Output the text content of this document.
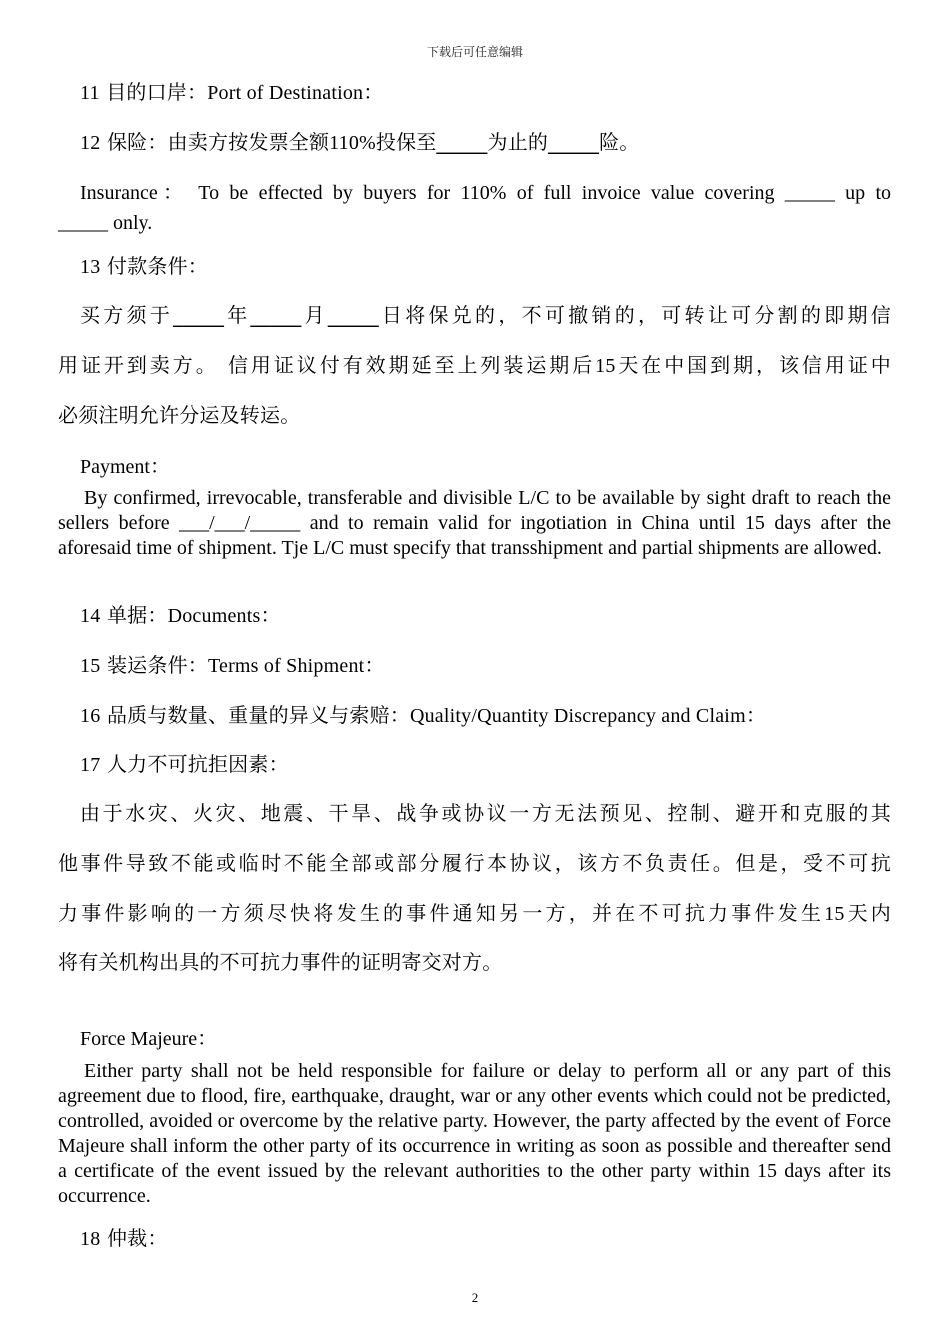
下载后可任意编辑

11 目的口岸：Port of Destination：

12 保险：由卖方按发票全额110%投保至_____为止的_____险。

Insurance： To be effected by buyers for 110% of full invoice value covering _____ up to

_____ only.

13 付款条件：

买方须于_____年_____月_____日将保兑的，不可撤销的，可转让可分割的即期信

用证开到卖方。 信用证议付有效期延至上列装运期后15天在中国到期，该信用证中

必须注明允许分运及转运。

Payment：

By confirmed, irrevocable, transferable and divisible L/C to be available by sight draft to reach the sellers before ___/___/_____ and to remain valid for ingotiation in China until 15 days after the aforesaid time of shipment. Tje L/C must specify that transshipment and partial shipments are allowed.

14 单据：Documents：

15 装运条件：Terms of Shipment：

16 品质与数量、重量的异义与索赔：Quality/Quantity Discrepancy and Claim：

17 人力不可抗拒因素：

由于水灾、火灾、地震、干旱、战争或协议一方无法预见、控制、避开和克服的其

他事件导致不能或临时不能全部或部分履行本协议，该方不负责任。但是，受不可抗

力事件影响的一方须尽快将发生的事件通知另一方，并在不可抗力事件发生15天内

将有关机构出具的不可抗力事件的证明寄交对方。

Force Majeure：

Either party shall not be held responsible for failure or delay to perform all or any part of this agreement due to flood, fire, earthquake, draught, war or any other events which could not be predicted, controlled, avoided or overcome by the relative party. However, the party affected by the event of Force Majeure shall inform the other party of its occurrence in writing as soon as possible and thereafter send a certificate of the event issued by the relevant authorities to the other party within 15 days after its occurrence.

18 仲裁：

2
